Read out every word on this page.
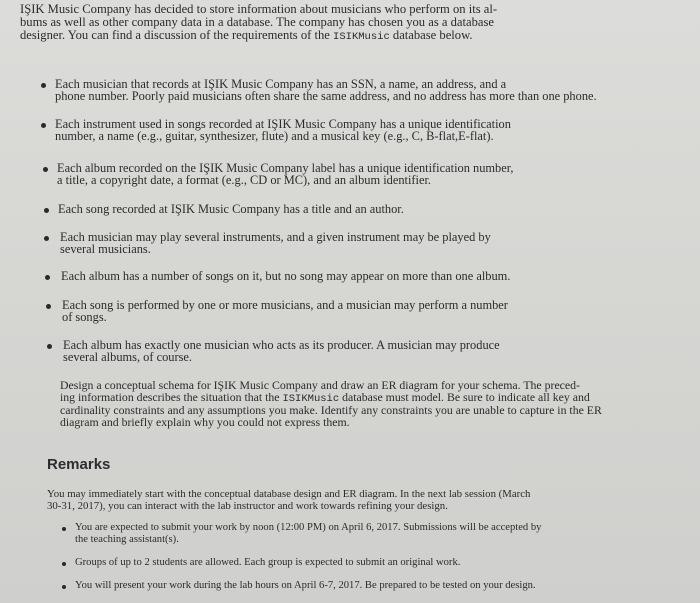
IŞIK Music Company has decided to store information about musicians who perform on its al-
bums as well as other company data in a database. The company has chosen you as a database
designer. You can find a discussion of the requirements of the ISIKMusic database below.
Each musician that records at IŞIK Music Company has an SSN, a name, an address, and a
phone number. Poorly paid musicians often share the same address, and no address has more than one phone.
Each instrument used in songs recorded at IŞIK Music Company has a unique identification
number, a name (e.g., guitar, synthesizer, flute) and a musical key (e.g., C, B-flat,E-flat).
Each album recorded on the IŞIK Music Company label has a unique identification number,
a title, a copyright date, a format (e.g., CD or MC), and an album identifier.
Each song recorded at IŞIK Music Company has a title and an author.
Each musician may play several instruments, and a given instrument may be played by
several musicians.
Each album has a number of songs on it, but no song may appear on more than one album.
Each song is performed by one or more musicians, and a musician may perform a number
of songs.
Each album has exactly one musician who acts as its producer. A musician may produce
several albums, of course.
Design a conceptual schema for IŞIK Music Company and draw an ER diagram for your schema. The preced-
ing information describes the situation that the ISIKMusic database must model. Be sure to indicate all key and
cardinality constraints and any assumptions you make. Identify any constraints you are unable to capture in the ER
diagram and briefly explain why you could not express them.
Remarks
You may immediately start with the conceptual database design and ER diagram. In the next lab session (March
30-31, 2017), you can interact with the lab instructor and work towards refining your design.
You are expected to submit your work by noon (12:00 PM) on April 6, 2017. Submissions will be accepted by
the teaching assistant(s).
Groups of up to 2 students are allowed. Each group is expected to submit an original work.
You will present your work during the lab hours on April 6-7, 2017. Be prepared to be tested on your design.
